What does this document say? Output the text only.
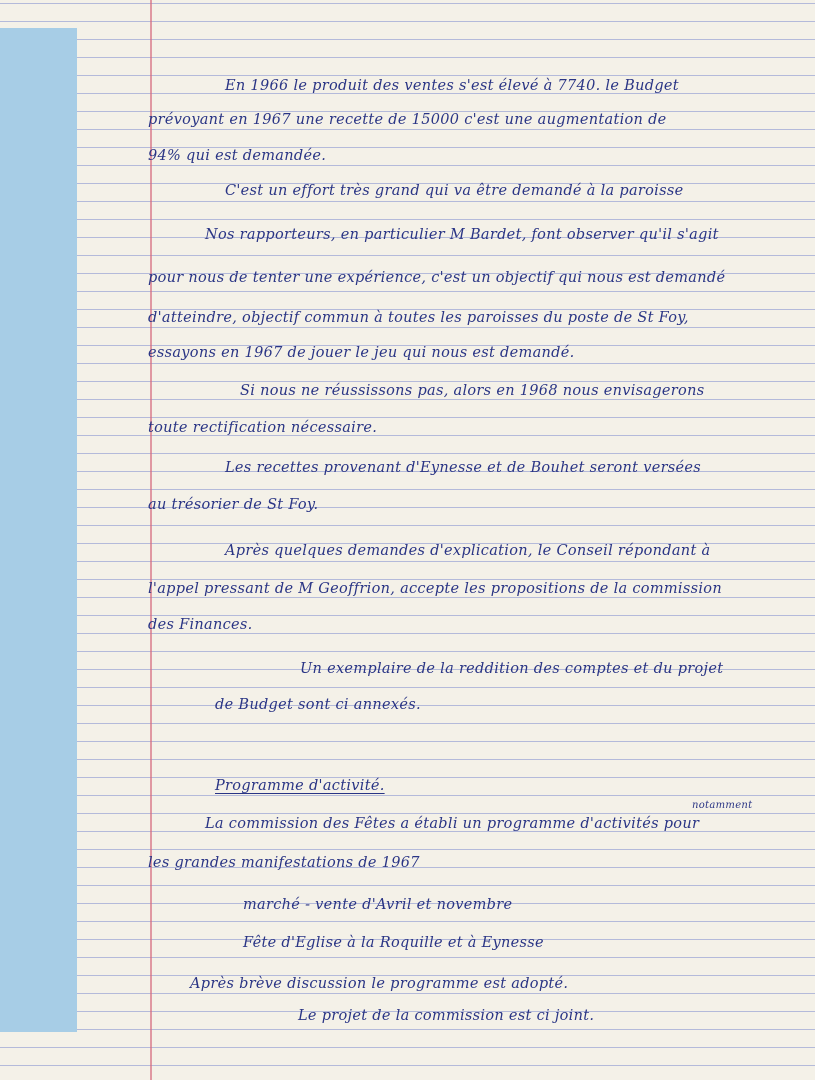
En 1966 le produit des ventes s'est élevé à 7740. le Budget

prévoyant en 1967 une recette de 15000 c'est une augmentation de

94% qui est demandée.

C'est un effort très grand qui va être demandé à la paroisse

Nos rapporteurs, en particulier M Bardet, font observer qu'il s'agit

pour nous de tenter une expérience, c'est un objectif qui nous est demandé

d'atteindre, objectif commun à toutes les paroisses du poste de St Foy,

essayons en 1967 de jouer le jeu qui nous est demandé.

Si nous ne réussissons pas, alors en 1968 nous envisagerons

toute rectification nécessaire.

Les recettes provenant d'Eynesse et de Bouhet seront versées

au trésorier de St Foy.

Après quelques demandes d'explication, le Conseil répondant à

l'appel pressant de M Geoffrion, accepte les propositions de la commission

des Finances.

Un exemplaire de la reddition des comptes et du projet

de Budget sont ci annexés.

Programme d'activité.

notamment

La commission des Fêtes a établi un programme d'activités pour

les grandes manifestations de 1967

marché - vente d'Avril et novembre

Fête d'Eglise à la Roquille et à Eynesse

Après brève discussion le programme est adopté.

Le projet de la commission est ci joint.
